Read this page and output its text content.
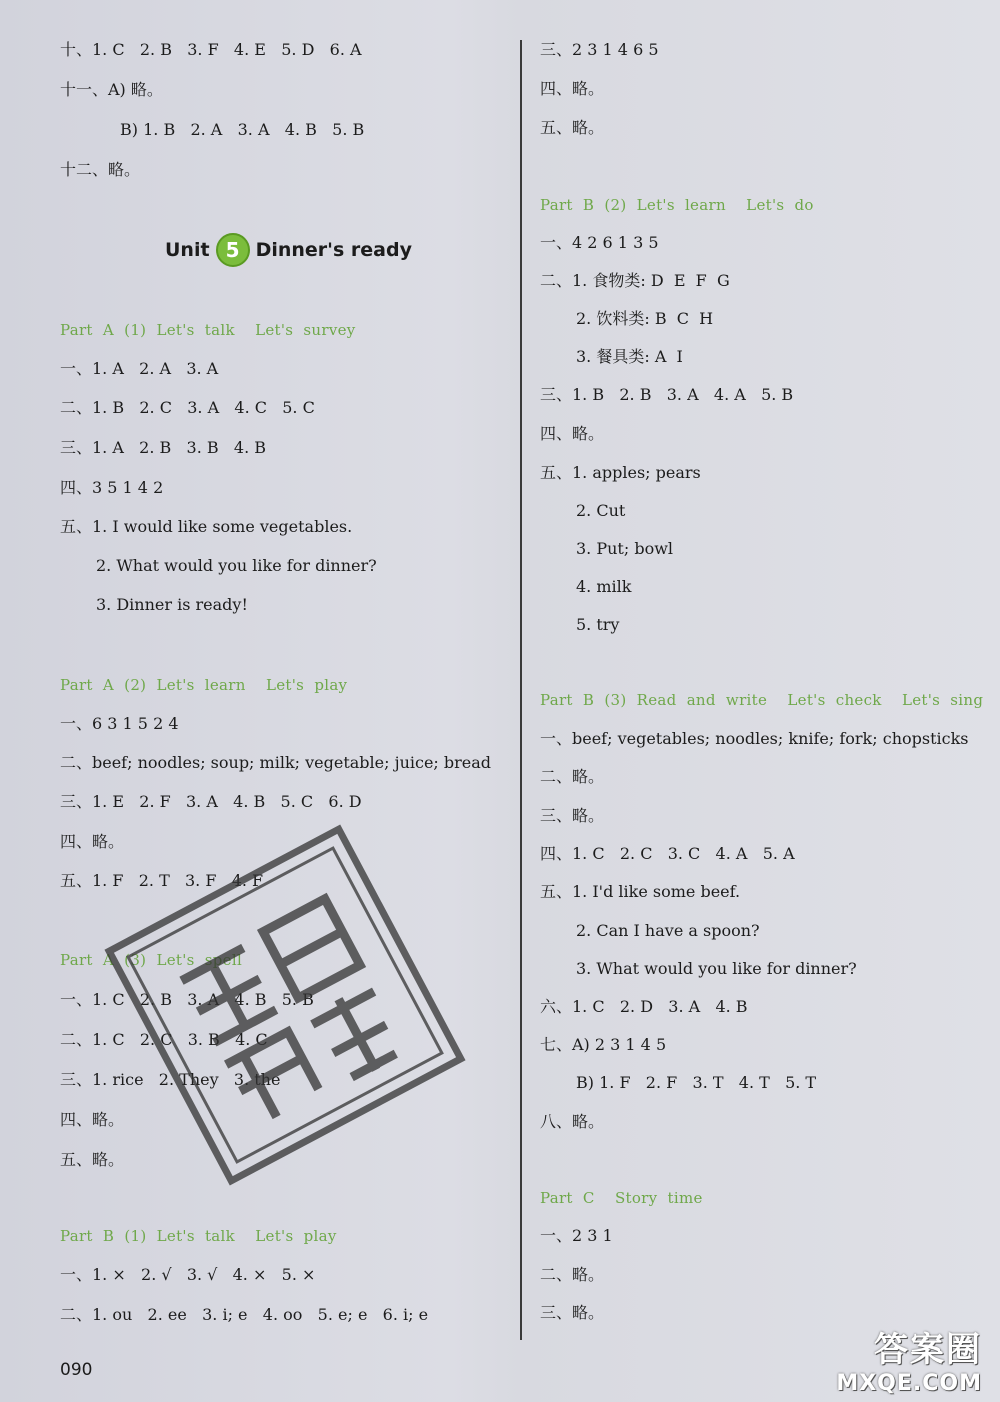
十、1. C   2. B   3. F   4. E   5. D   6. A
十一、A) 略。
B) 1. B   2. A   3. A   4. B   5. B
十二、略。
Unit 5 Dinner's ready
Part  A  (1)  Let's  talk    Let's  survey
一、1. A   2. A   3. A
二、1. B   2. C   3. A   4. C   5. C
三、1. A   2. B   3. B   4. B
四、3 5 1 4 2
五、1. I would like some vegetables.
2. What would you like for dinner?
3. Dinner is ready!
Part  A  (2)  Let's  learn    Let's  play
一、6 3 1 5 2 4
二、beef; noodles; soup; milk; vegetable; juice; bread
三、1. E   2. F   3. A   4. B   5. C   6. D
四、略。
五、1. F   2. T   3. F   4. F
Part  A  (3)  Let's  spell
一、1. C   2. B   3. A   4. B   5. B
二、1. C   2. C   3. B   4. C
三、1. rice   2. They   3. the
四、略。
五、略。
Part  B  (1)  Let's  talk    Let's  play
一、1. ×   2. √   3. √   4. ×   5. ×
二、1. ou   2. ee   3. i; e   4. oo   5. e; e   6. i; e
090
三、2 3 1 4 6 5
四、略。
五、略。
Part  B  (2)  Let's  learn    Let's  do
一、4 2 6 1 3 5
二、1. 食物类: D  E  F  G
2. 饮料类: B  C  H
3. 餐具类: A  I
三、1. B   2. B   3. A   4. A   5. B
四、略。
五、1. apples; pears
2. Cut
3. Put; bowl
4. milk
5. try
Part  B  (3)  Read  and  write    Let's  check    Let's  sing
一、beef; vegetables; noodles; knife; fork; chopsticks
二、略。
三、略。
四、1. C   2. C   3. C   4. A   5. A
五、1. I'd like some beef.
2. Can I have a spoon?
3. What would you like for dinner?
六、1. C   2. D   3. A   4. B
七、A) 2 3 1 4 5
B) 1. F   2. F   3. T   4. T   5. T
八、略。
Part  C    Story  time
一、2 3 1
二、略。
三、略。
答案圈
MXQE.COM
